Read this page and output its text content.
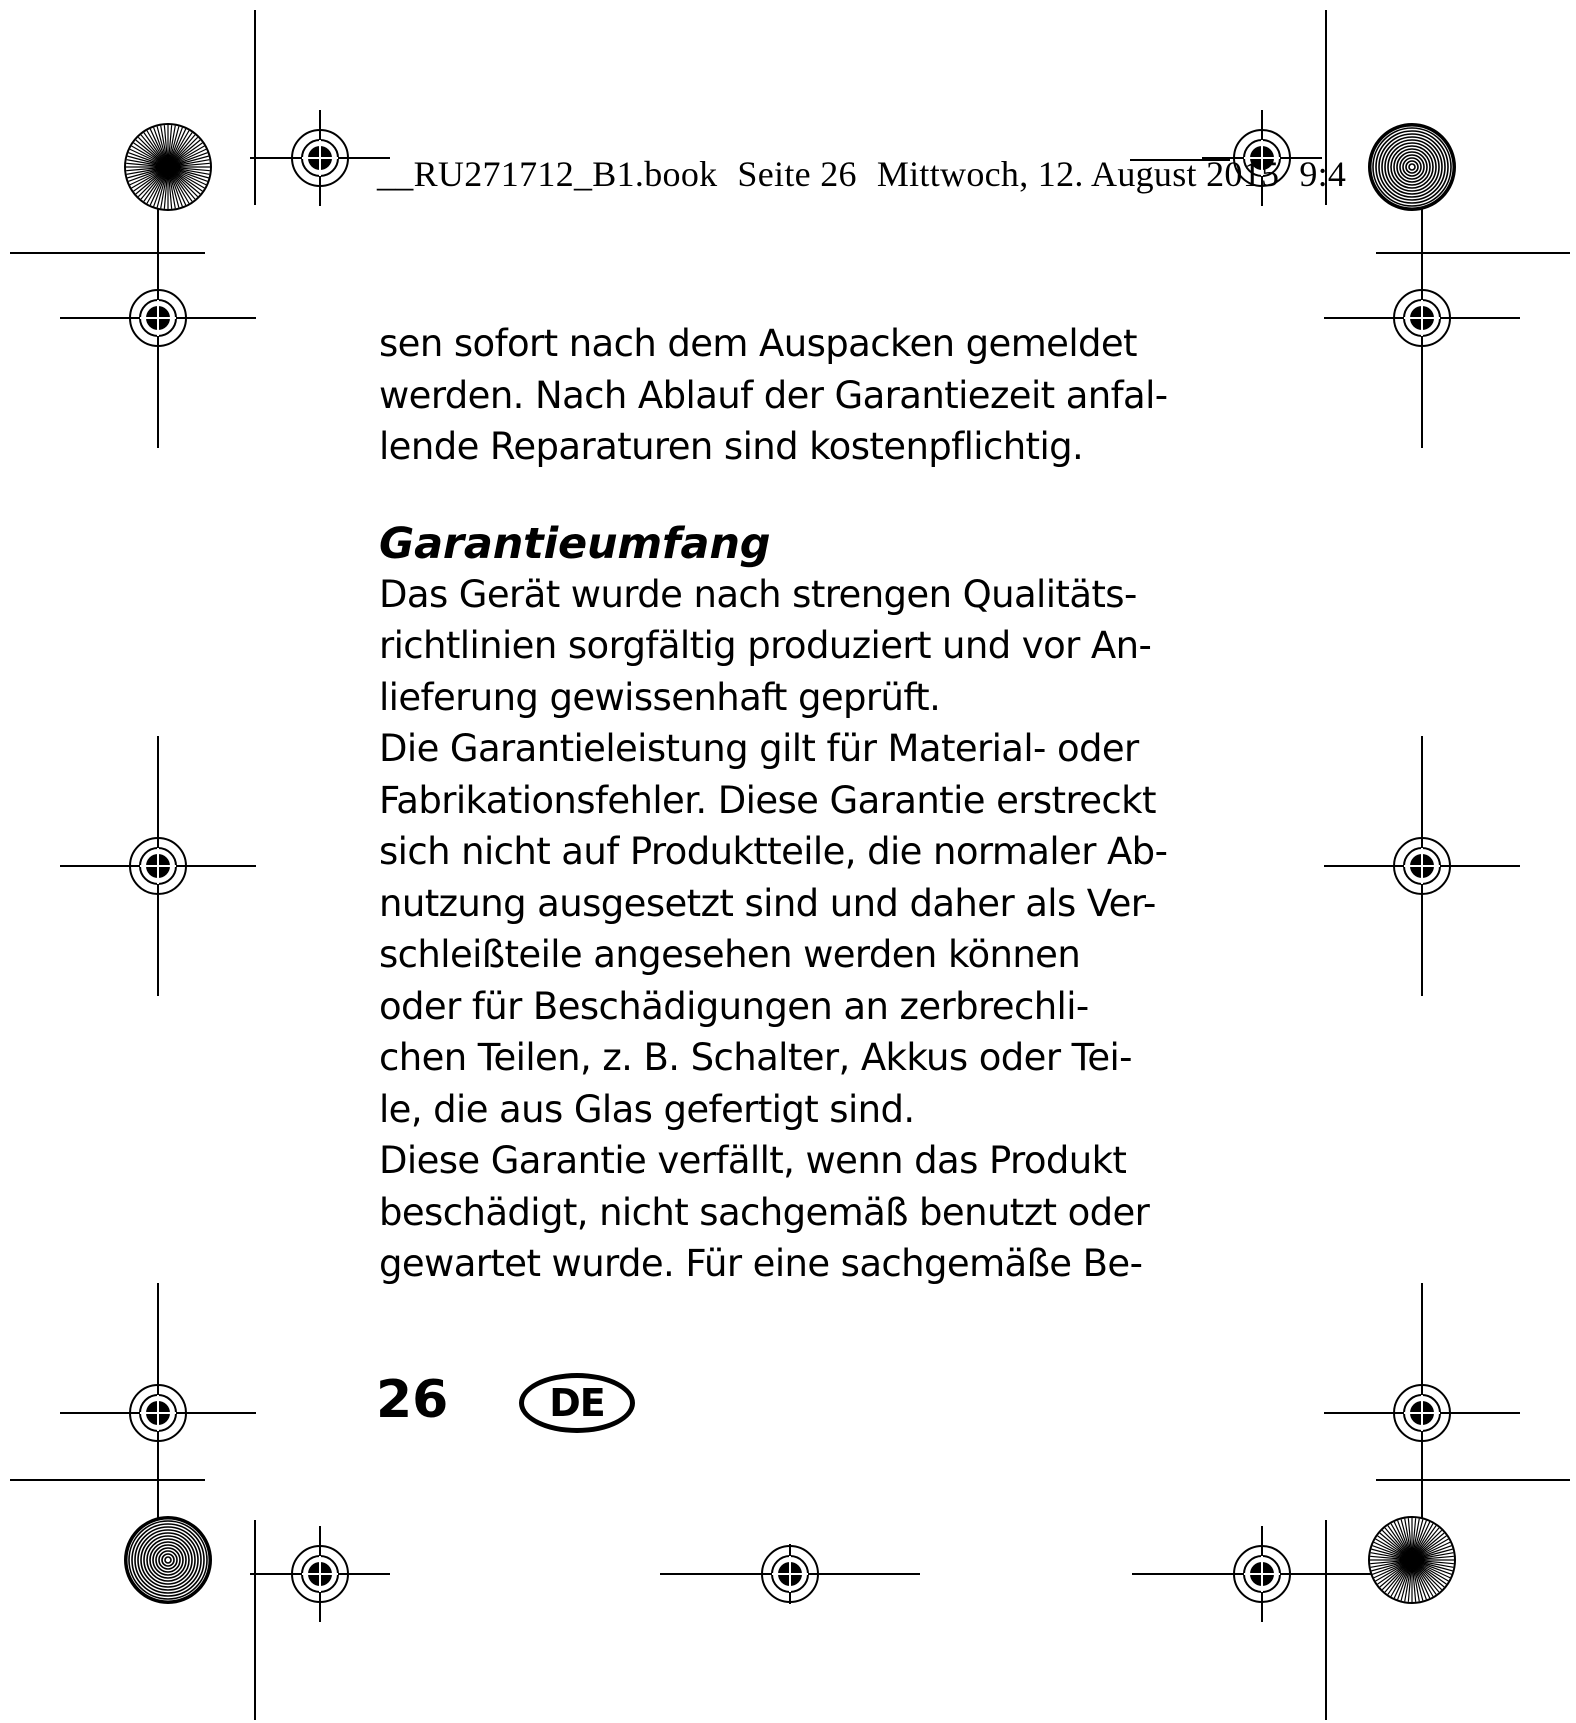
__RU271712_B1.book Seite 26 Mittwoch, 12. August 2015 9:4
sen sofort nach dem Auspacken gemeldet
werden. Nach Ablauf der Garantiezeit anfal-
lende Reparaturen sind kostenpflichtig.
Garantieumfang
Das Gerät wurde nach strengen Qualitäts-
richtlinien sorgfältig produziert und vor An-
lieferung gewissenhaft geprüft.
Die Garantieleistung gilt für Material- oder
Fabrikationsfehler. Diese Garantie erstreckt
sich nicht auf Produktteile, die normaler Ab-
nutzung ausgesetzt sind und daher als Ver-
schleißteile angesehen werden können
oder für Beschädigungen an zerbrechli-
chen Teilen, z. B. Schalter, Akkus oder Tei-
le, die aus Glas gefertigt sind.
Diese Garantie verfällt, wenn das Produkt
beschädigt, nicht sachgemäß benutzt oder
gewartet wurde. Für eine sachgemäße Be-
26	DE
